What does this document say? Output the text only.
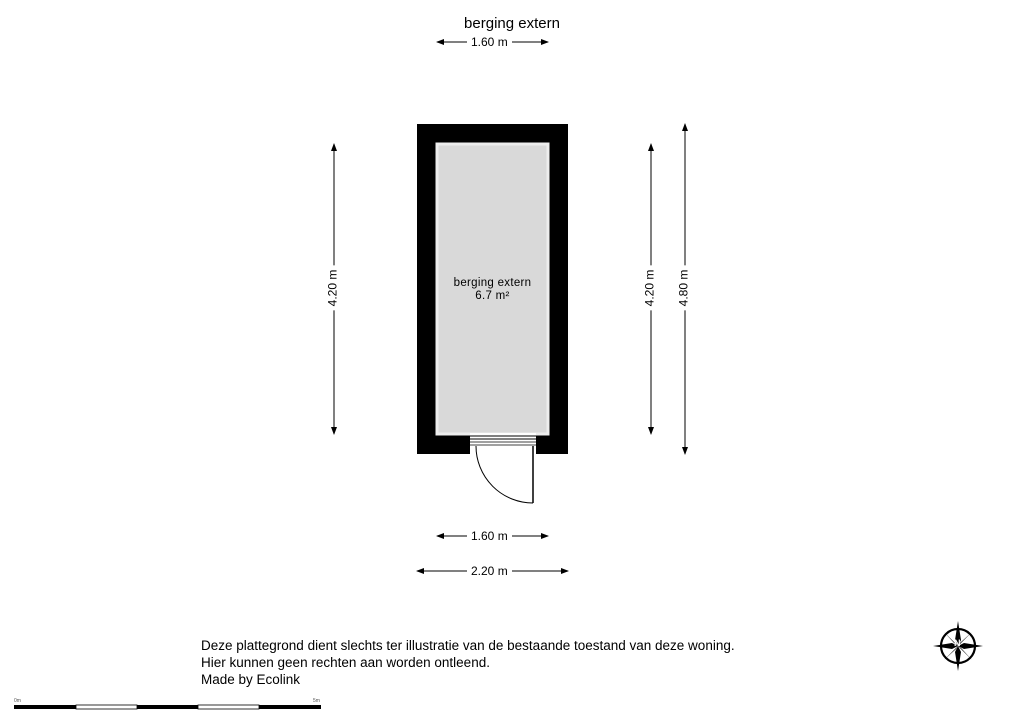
berging extern
1.60 m
4.20 m	4.20 m 4.80 m
1.60 m
2.20 m
berging extern
6.7 m²
N
Deze plattegrond dient slechts ter illustratie van de bestaande toestand van deze woning.
Hier kunnen geen rechten aan worden ontleend.
Made by Ecolink
0m	5m
